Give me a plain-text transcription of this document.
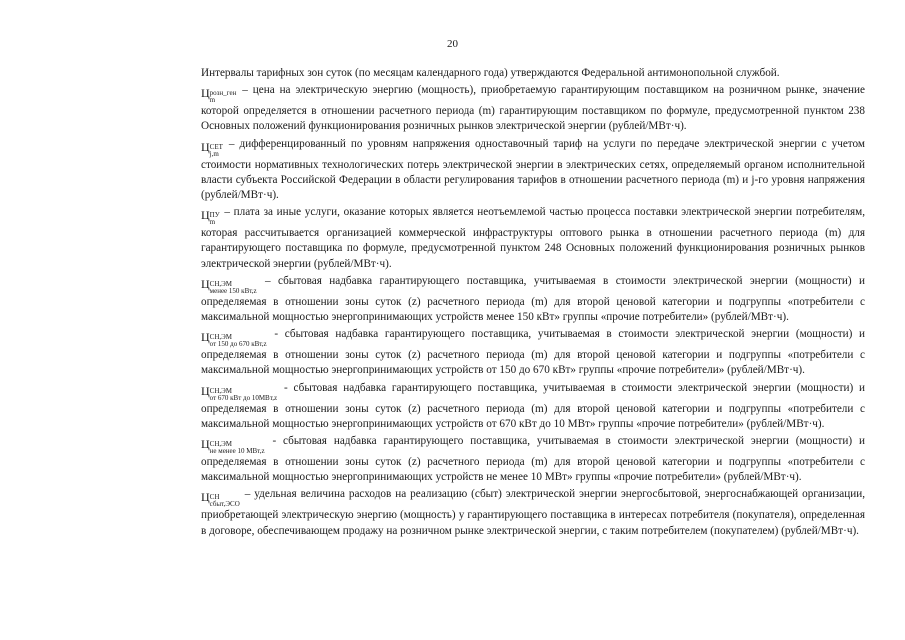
20

Интервалы тарифных зон суток (по месяцам календарного года) утверждаются Федеральной антимонопольной службой.

Ц розн_ген
m
– цена на электрическую энергию (мощность), приобретаемую гарантирующим поставщиком на розничном рынке, значение которой определяется в отношении расчетного периода (m) гарантирующим поставщиком по формуле, предусмотренной пунктом 238 Основных положений функционирования розничных рынков электрической энергии (рублей/МВт·ч).

Ц СЕТ
j,m
– дифференцированный по уровням напряжения одноставочный тариф на услуги по передаче электрической энергии с учетом стоимости нормативных технологических потерь электрической энергии в электрических сетях, определяемый органом исполнительной власти субъекта Российской Федерации в области регулирования тарифов в отношении расчетного периода (m) и j-го уровня напряжения (рублей/МВт·ч).

Ц ПУ
m
– плата за иные услуги, оказание которых является неотъемлемой частью процесса поставки электрической энергии потребителям, которая рассчитывается организацией коммерческой инфраструктуры оптового рынка в отношении расчетного периода (m) для гарантирующего поставщика по формуле, предусмотренной пунктом 248 Основных положений функционирования розничных рынков электрической энергии (рублей/МВт·ч).

Ц СН,ЭМ
менее 150 кВт,z
– сбытовая надбавка гарантирующего поставщика, учитываемая в стоимости электрической энергии (мощности) и определяемая в отношении зоны суток (z) расчетного периода (m) для второй ценовой категории и подгруппы «потребители с максимальной мощностью энергопринимающих устройств менее 150 кВт» группы «прочие потребители» (рублей/МВт·ч).

Ц СН,ЭМ
от 150 до 670 кВт,z
- сбытовая надбавка гарантирующего поставщика, учитываемая в стоимости электрической энергии (мощности) и определяемая в отношении зоны суток (z) расчетного периода (m) для второй ценовой категории и подгруппы «потребители с максимальной мощностью энергопринимающих устройств от 150 до 670 кВт» группы «прочие потребители» (рублей/МВт·ч).

Ц СН,ЭМ
от 670 кВт до 10МВт,z
- сбытовая надбавка гарантирующего поставщика, учитываемая в стоимости электрической энергии (мощности) и определяемая в отношении зоны суток (z) расчетного периода (m) для второй ценовой категории и подгруппы «потребители с максимальной мощностью энергопринимающих устройств от 670 кВт до 10 МВт» группы «прочие потребители» (рублей/МВт·ч).

Ц СН,ЭМ
не менее 10 МВт,z
- сбытовая надбавка гарантирующего поставщика, учитываемая в стоимости электрической энергии (мощности) и определяемая в отношении зоны суток (z) расчетного периода (m) для второй ценовой категории и подгруппы «потребители с максимальной мощностью энергопринимающих устройств не менее 10 МВт» группы «прочие потребители» (рублей/МВт·ч).

Ц СН
сбыт,ЭСО
– удельная величина расходов на реализацию (сбыт) электрической энергии энергосбытовой, энергоснабжающей организации, приобретающей электрическую энергию (мощность) у гарантирующего поставщика в интересах потребителя (покупателя), определенная в договоре, обеспечивающем продажу на розничном рынке электрической энергии, с таким потребителем (покупателем) (рублей/МВт·ч).
